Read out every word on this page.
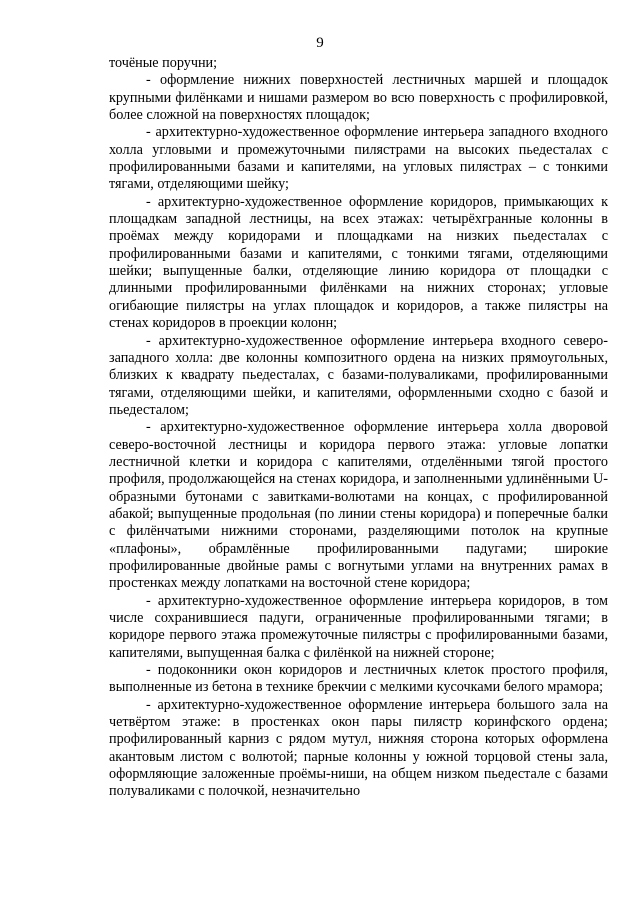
9

точёные поручни;

- оформление нижних поверхностей лестничных маршей и площадок крупными филёнками и нишами размером во всю поверхность с профилировкой, более сложной на поверхностях площадок;

- архитектурно-художественное оформление интерьера западного входного холла угловыми и промежуточными пилястрами на высоких пьедесталах с профилированными базами и капителями, на угловых пилястрах – с тонкими тягами, отделяющими шейку;

- архитектурно-художественное оформление коридоров, примыкающих к площадкам западной лестницы, на всех этажах: четырёхгранные колонны в проёмах между коридорами и площадками на низких пьедесталах с профилированными базами и капителями, с тонкими тягами, отделяющими шейки; выпущенные балки, отделяющие линию коридора от площадки с длинными профилированными филёнками на нижних сторонах; угловые огибающие пилястры на углах площадок и коридоров, а также пилястры на стенах коридоров в проекции колонн;

- архитектурно-художественное оформление интерьера входного северо-западного холла: две колонны композитного ордена на низких прямоугольных, близких к квадрату пьедесталах, с базами-полувaликами, профилированными тягами, отделяющими шейки, и капителями, оформленными сходно с базой и пьедесталом;

- архитектурно-художественное оформление интерьера холла дворовой северо-восточной лестницы и коридора первого этажа: угловые лопатки лестничной клетки и коридора с капителями, отделёнными тягой простого профиля, продолжающейся на стенах коридора, и заполненными удлинёнными U-образными бутонами с завитками-волютами на концах, с профилированной абакой; выпущенные продольная (по линии стены коридора) и поперечные балки с филёнчатыми нижними сторонами, разделяющими потолок на крупные «плафоны», обрамлённые профилированными падугами; широкие профилированные двойные рамы с вогнутыми углами на внутренних рамах в простенках между лопатками на восточной стене коридора;

- архитектурно-художественное оформление интерьера коридоров, в том числе сохранившиеся падуги, ограниченные профилированными тягами; в коридоре первого этажа промежуточные пилястры с профилированными базами, капителями, выпущенная балка с филёнкой на нижней стороне;

- подоконники окон коридоров и лестничных клеток простого профиля, выполненные из бетона в технике брекчии с мелкими кусочками белого мрамора;

- архитектурно-художественное оформление интерьера большого зала на четвёртом этаже: в простенках окон пары пилястр коринфского ордена; профилированный карниз с рядом мутул, нижняя сторона которых оформлена акантовым листом с волютой; парные колонны у южной торцовой стены зала, оформляющие заложенные проёмы-ниши, на общем низком пьедестале с базами полувaликами с полочкой, незначительно
